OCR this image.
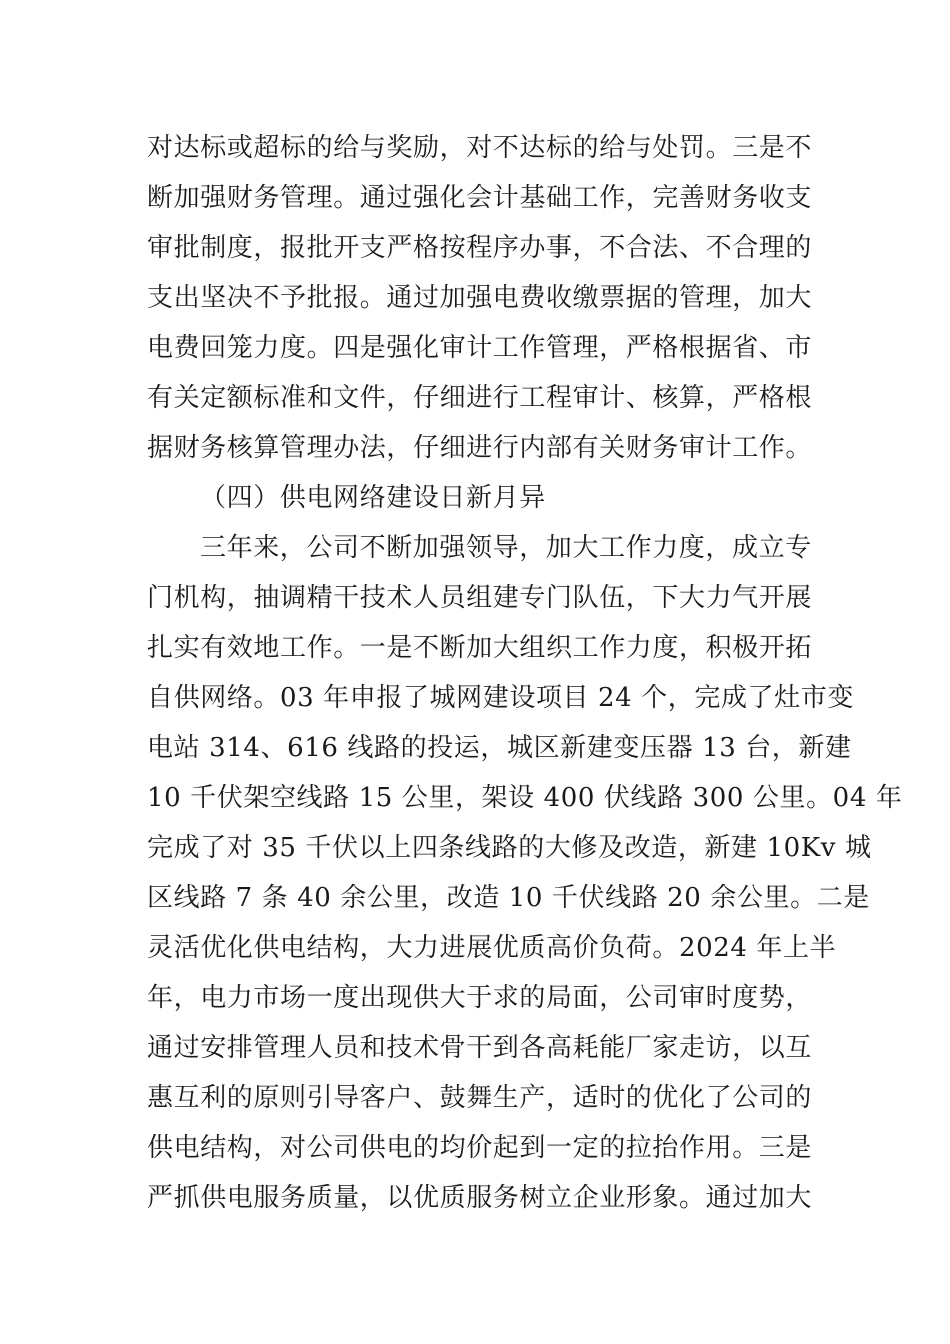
对达标或超标的给与奖励，对不达标的给与处罚。三是不
断加强财务管理。通过强化会计基础工作，完善财务收支
审批制度，报批开支严格按程序办事，不合法、不合理的
支出坚决不予批报。通过加强电费收缴票据的管理，加大
电费回笼力度。四是强化审计工作管理，严格根据省、市
有关定额标准和文件，仔细进行工程审计、核算，严格根
据财务核算管理办法，仔细进行内部有关财务审计工作。
（四）供电网络建设日新月异
三年来，公司不断加强领导，加大工作力度，成立专
门机构，抽调精干技术人员组建专门队伍，下大力气开展
扎实有效地工作。一是不断加大组织工作力度，积极开拓
自供网络。03 年申报了城网建设项目 24 个，完成了灶市变
电站 314、616 线路的投运，城区新建变压器 13 台，新建
10 千伏架空线路 15 公里，架设 400 伏线路 300 公里。04 年
完成了对 35 千伏以上四条线路的大修及改造，新建 10Kv 城
区线路 7 条 40 余公里，改造 10 千伏线路 20 余公里。二是
灵活优化供电结构，大力进展优质高价负荷。2024 年上半
年，电力市场一度出现供大于求的局面，公司审时度势，
通过安排管理人员和技术骨干到各高耗能厂家走访，以互
惠互利的原则引导客户、鼓舞生产，适时的优化了公司的
供电结构，对公司供电的均价起到一定的拉抬作用。三是
严抓供电服务质量，以优质服务树立企业形象。通过加大
